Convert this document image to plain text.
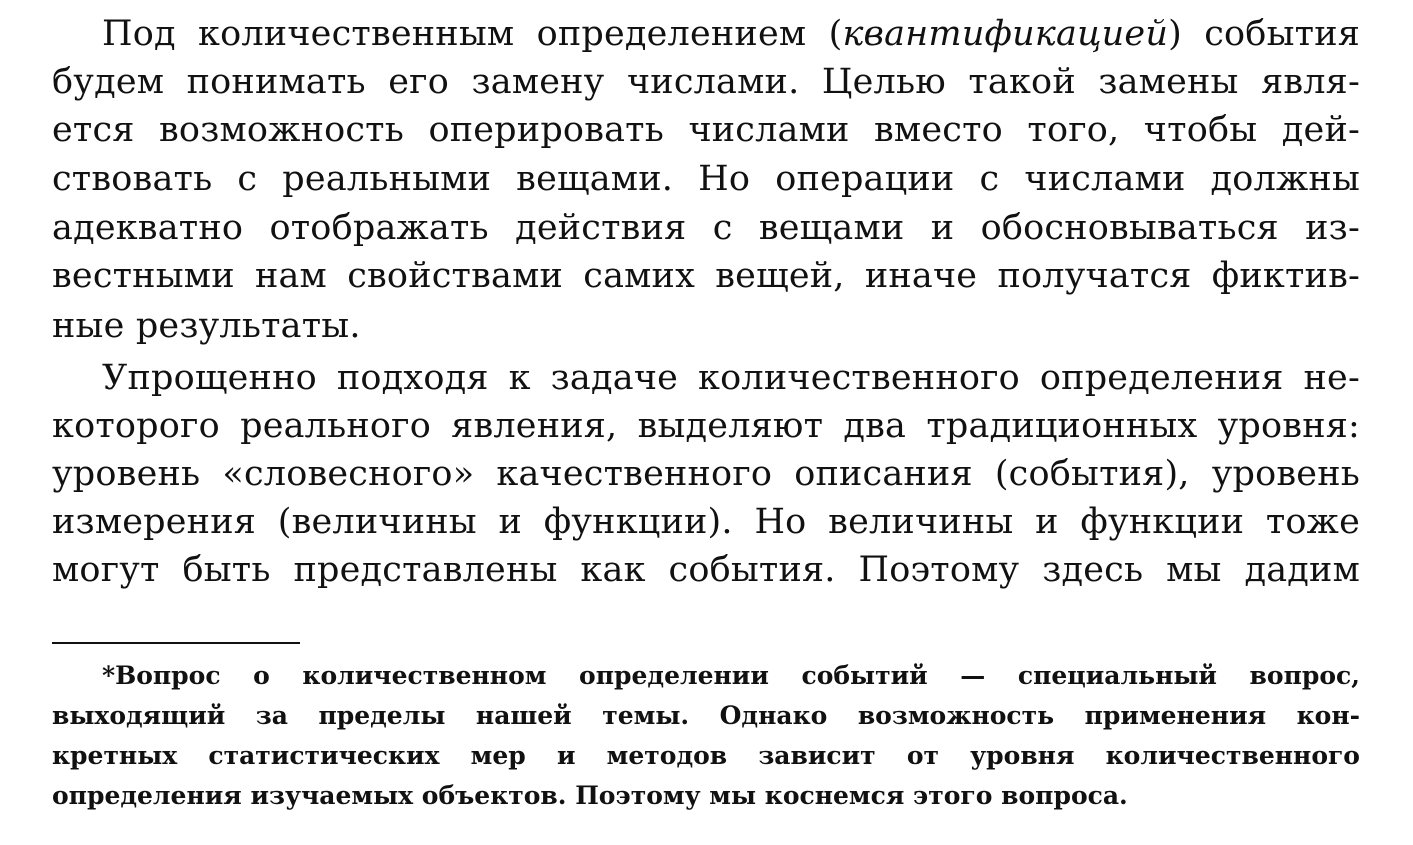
Под количественным определением (квантификацией) события
будем понимать его замену числами. Целью такой замены явля-
ется возможность оперировать числами вместо того, чтобы дей-
ствовать с реальными вещами. Но операции с числами должны
адекватно отображать действия с вещами и обосновываться из-
вестными нам свойствами самих вещей, иначе получатся фиктив-
ные результаты.
Упрощенно подходя к задаче количественного определения не-
которого реального явления, выделяют два традиционных уровня:
уровень «словесного» качественного описания (события), уровень
измерения (величины и функции). Но величины и функции тоже
могут быть представлены как события. Поэтому здесь мы дадим
*Вопрос о количественном определении событий — специальный вопрос,
выходящий за пределы нашей темы. Однако возможность применения кон-
кретных статистических мер и методов зависит от уровня количественного
определения изучаемых объектов. Поэтому мы коснемся этого вопроса.
